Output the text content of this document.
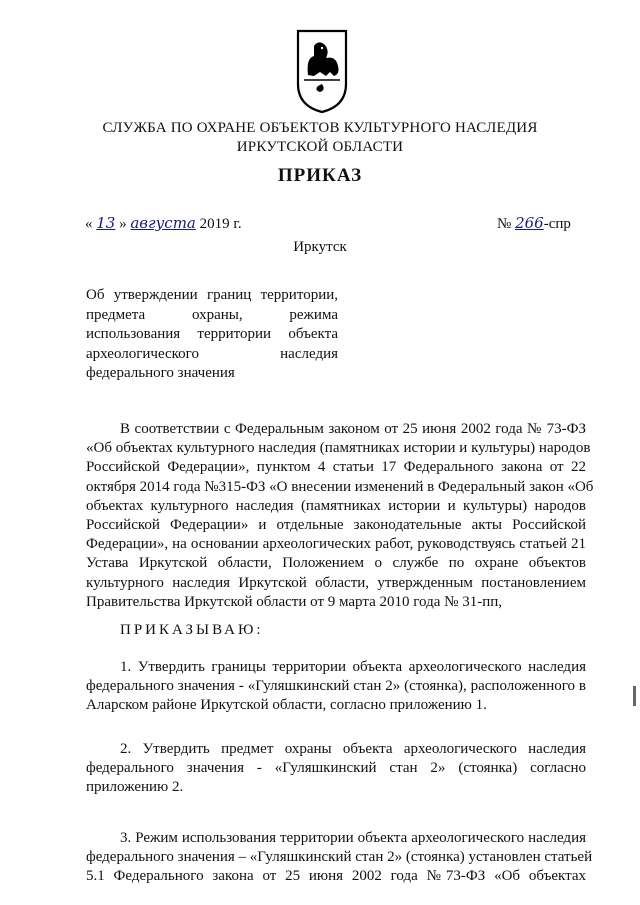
СЛУЖБА ПО ОХРАНЕ ОБЪЕКТОВ КУЛЬТУРНОГО НАСЛЕДИЯ
ИРКУТСКОЙ ОБЛАСТИ
ПРИКАЗ
« 13 » августа 2019 г.	№ 266-спр
Иркутск
Об утверждении границ территории,
предмета охраны, режима
использования территории объекта
археологического наследия
федерального значения
В соответствии с Федеральным законом от 25 июня 2002 года № 73-ФЗ
«Об объектах культурного наследия (памятниках истории и культуры) народов
Российской Федерации», пунктом 4 статьи 17 Федерального закона от 22
октября 2014 года №315-ФЗ «О внесении изменений в Федеральный закон «Об
объектах культурного наследия (памятниках истории и культуры) народов
Российской Федерации» и отдельные законодательные акты Российской
Федерации», на основании археологических работ, руководствуясь статьей 21
Устава Иркутской области, Положением о службе по охране объектов
культурного наследия Иркутской области, утвержденным постановлением
Правительства Иркутской области от 9 марта 2010 года № 31-пп,
ПРИКАЗЫВАЮ:
1. Утвердить границы территории объекта археологического наследия
федерального значения - «Гуляшкинский стан 2» (стоянка), расположенного в
Аларском районе Иркутской области, согласно приложению 1.
2. Утвердить предмет охраны объекта археологического наследия
федерального значения - «Гуляшкинский стан 2» (стоянка) согласно
приложению 2.
3. Режим использования территории объекта археологического наследия
федерального значения – «Гуляшкинский стан 2» (стоянка) установлен статьей
5.1 Федерального закона от 25 июня 2002 года №73-ФЗ «Об объектах
